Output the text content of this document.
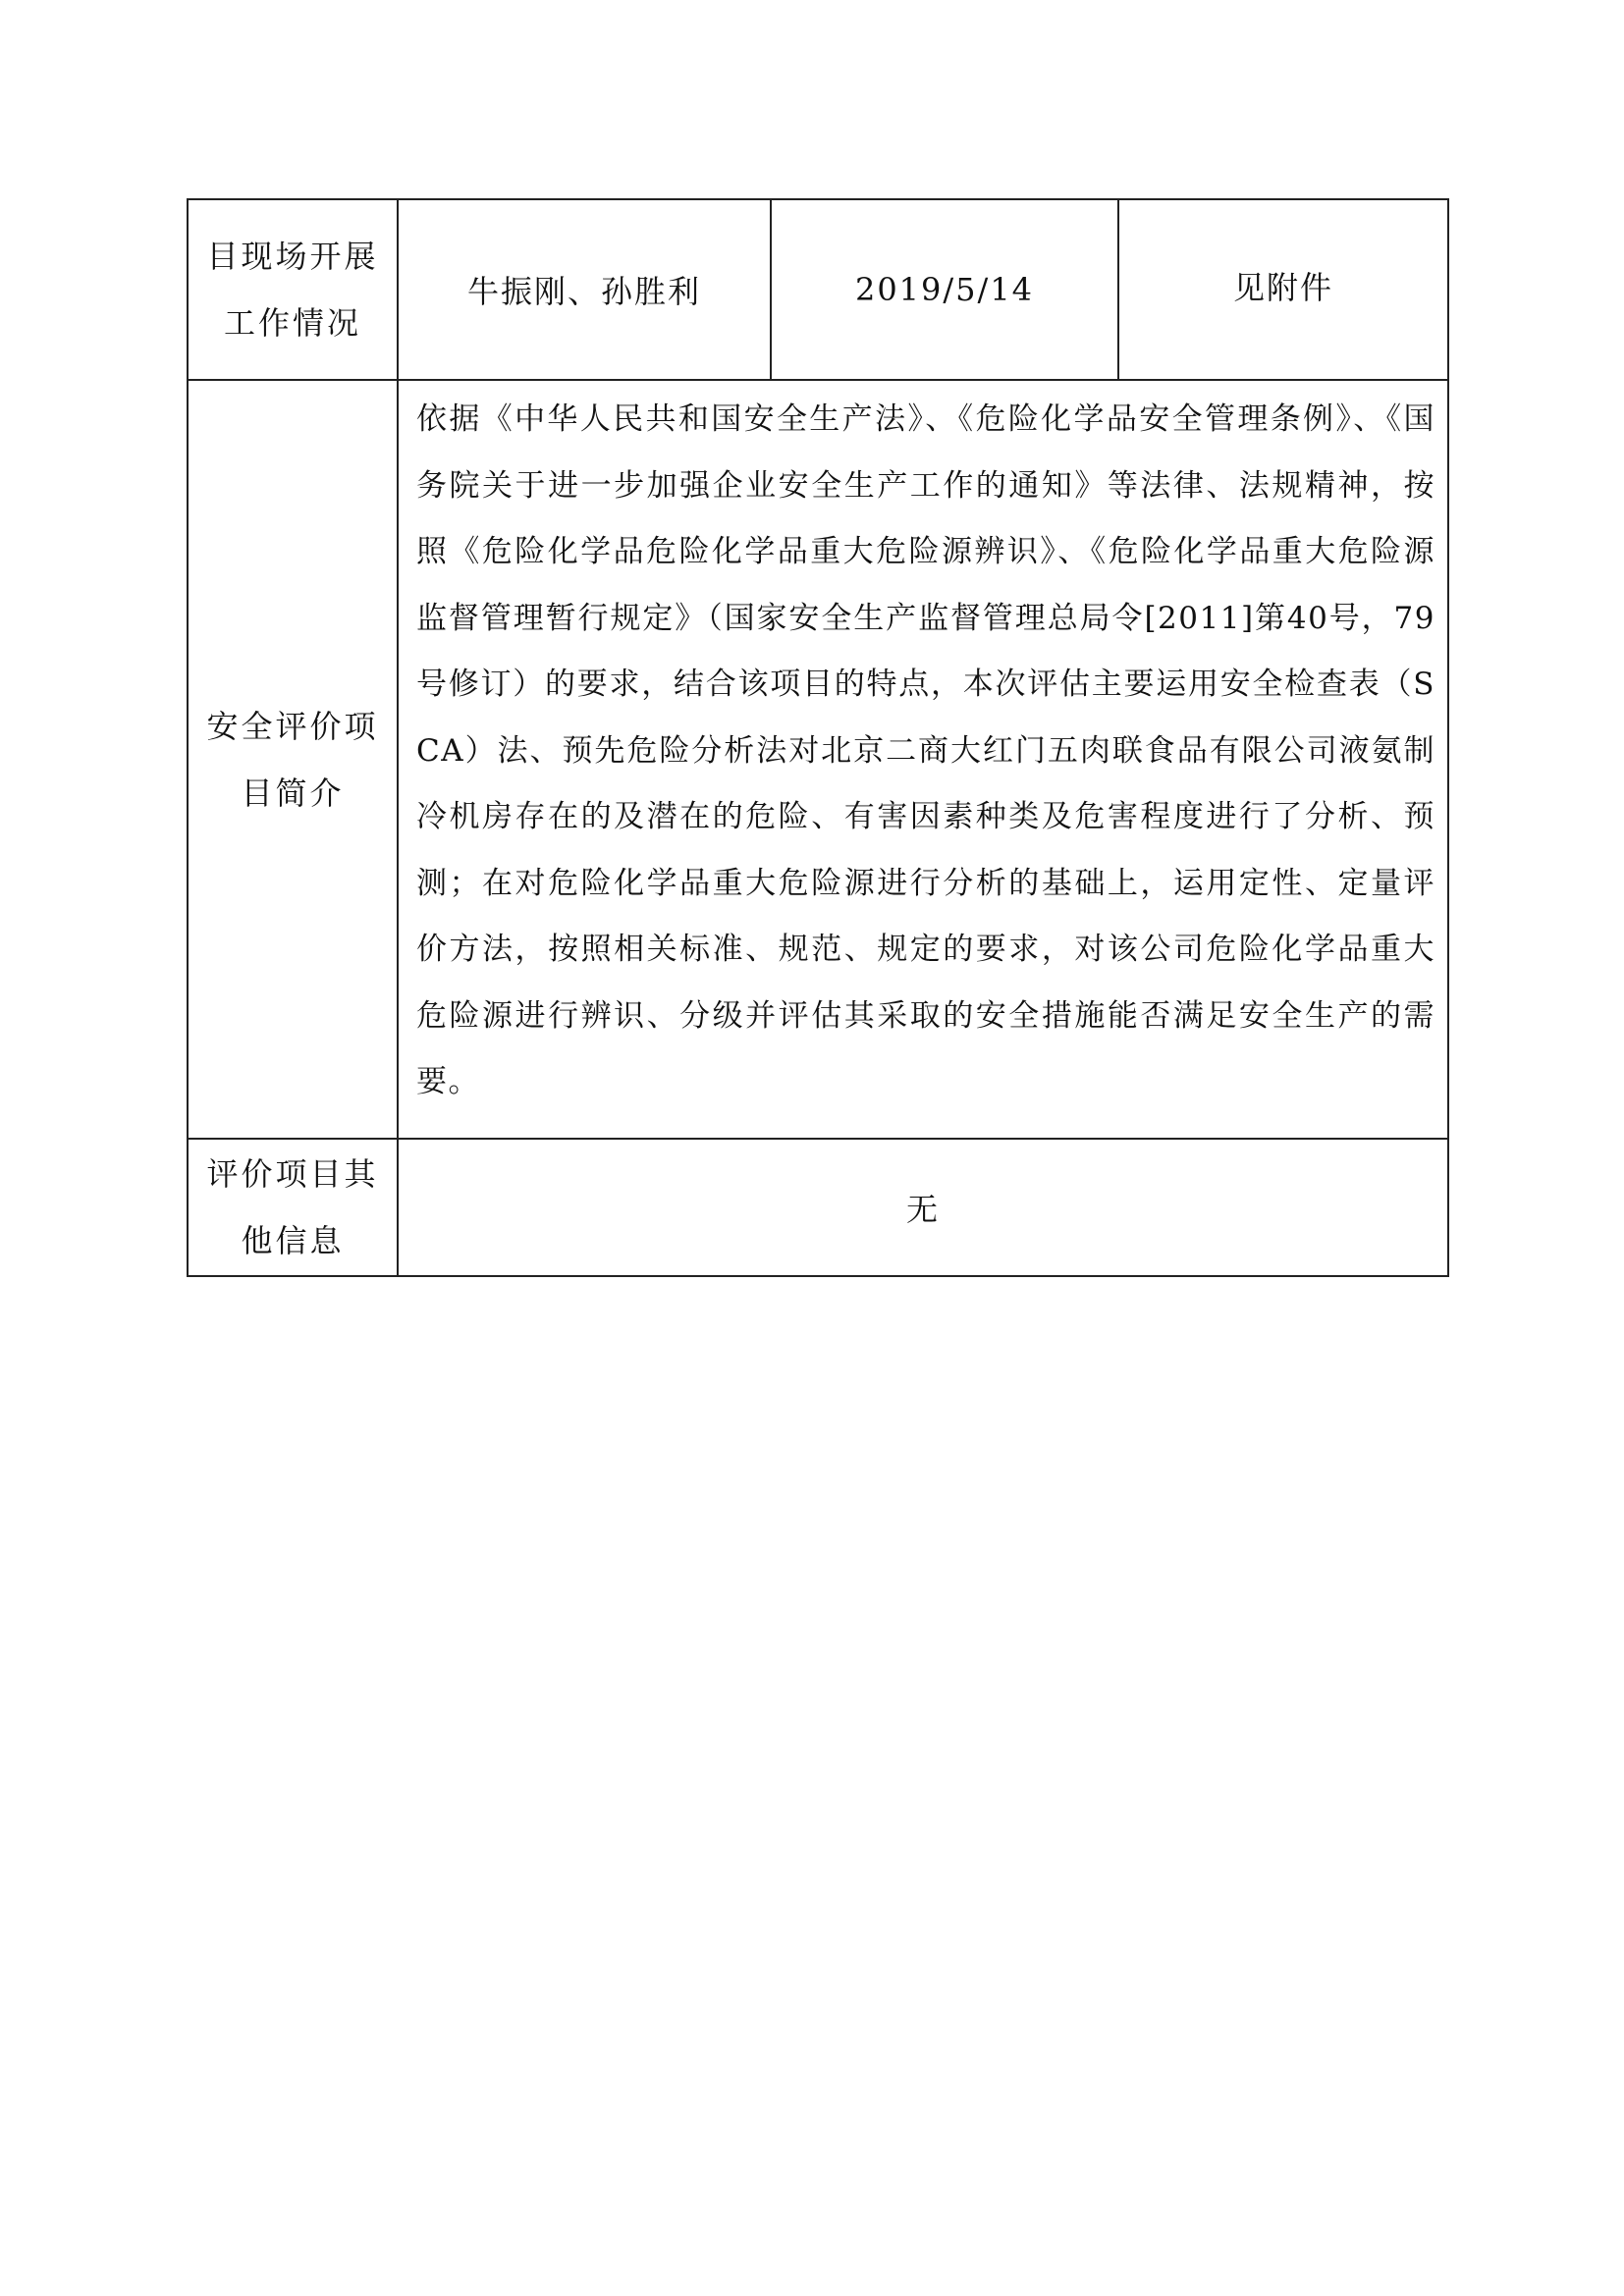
目现场开展
工作情况
牛振刚、孙胜利	2019/5/14	见附件
安全评价项
目简介
依据《中华人民共和国安全生产法》、《危险化学品安全管理条例》、《国务院关于进一步加强企业安全生产工作的通知》等法律、法规精神，按照《危险化学品危险化学品重大危险源辨识》、《危险化学品重大危险源监督管理暂行规定》（国家安全生产监督管理总局令[2011]第40号，79号修订）的要求，结合该项目的特点，本次评估主要运用安全检查表（SCA）法、预先危险分析法对北京二商大红门五肉联食品有限公司液氨制冷机房存在的及潜在的危险、有害因素种类及危害程度进行了分析、预测；在对危险化学品重大危险源进行分析的基础上，运用定性、定量评价方法，按照相关标准、规范、规定的要求，对该公司危险化学品重大危险源进行辨识、分级并评估其采取的安全措施能否满足安全生产的需要。
评价项目其
他信息
无
